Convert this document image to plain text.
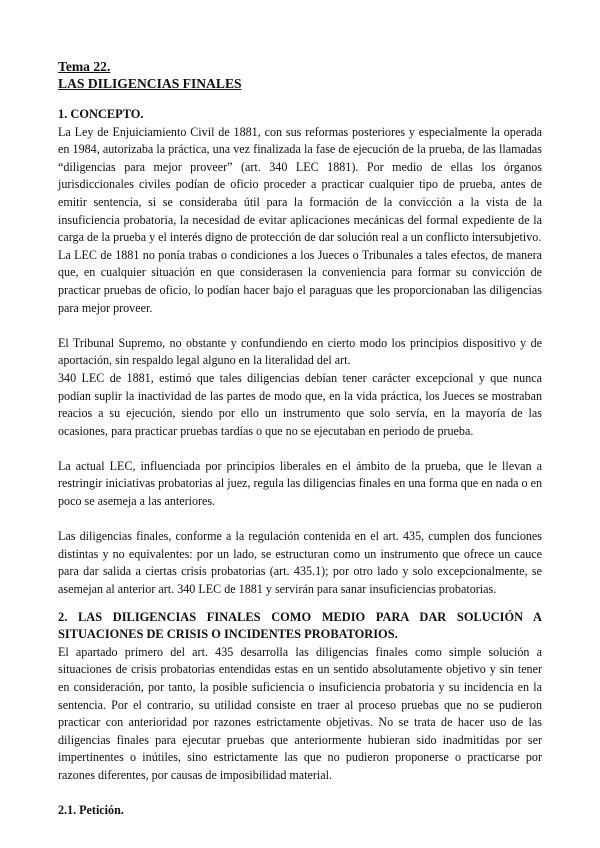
Tema 22.
LAS DILIGENCIAS FINALES
1. CONCEPTO.

La Ley de Enjuiciamiento Civil de 1881, con sus reformas posteriores y especialmente la operada en 1984, autorizaba la práctica, una vez finalizada la fase de ejecución de la prueba, de las llamadas “diligencias para mejor proveer” (art. 340 LEC 1881). Por medio de ellas los órganos jurisdiccionales civiles podían de oficio proceder a practicar cualquier tipo de prueba, antes de emitir sentencia, si se consideraba útil para la formación de la convicción a la vista de la insuficiencia probatoria, la necesidad de evitar aplicaciones mecánicas del formal expediente de la carga de la prueba y el interés digno de protección de dar solución real a un conflicto intersubjetivo.

La LEC de 1881 no ponía trabas o condiciones a los Jueces o Tribunales a tales efectos, de manera que, en cualquier situación en que considerasen la conveniencia para formar su convicción de practicar pruebas de oficio, lo podían hacer bajo el paraguas que les proporcionaban las diligencias para mejor proveer.

El Tribunal Supremo, no obstante y confundiendo en cierto modo los principios dispositivo y de aportación, sin respaldo legal alguno en la literalidad del art.

340 LEC de 1881, estimó que tales diligencias debían tener carácter excepcional y que nunca podían suplir la inactividad de las partes de modo que, en la vida práctica, los Jueces se mostraban reacios a su ejecución, siendo por ello un instrumento que solo servía, en la mayoría de las ocasiones, para practicar pruebas tardías o que no se ejecutaban en periodo de prueba.

La actual LEC, influenciada por principios liberales en el ámbito de la prueba, que le llevan a restringir iniciativas probatorias al juez, regula las diligencias finales en una forma que en nada o en poco se asemeja a las anteriores.

Las diligencias finales, conforme a la regulación contenida en el art. 435, cumplen dos funciones distintas y no equivalentes: por un lado, se estructuran como un instrumento que ofrece un cauce para dar salida a ciertas crisis probatorias (art. 435.1); por otro lado y solo excepcionalmente, se asemejan al anterior art. 340 LEC de 1881 y servirán para sanar insuficiencias probatorias.

2. LAS DILIGENCIAS FINALES COMO MEDIO PARA DAR SOLUCIÓN A SITUACIONES DE CRISIS O INCIDENTES PROBATORIOS.

El apartado primero del art. 435 desarrolla las diligencias finales como simple solución a situaciones de crisis probatorias entendidas estas en un sentido absolutamente objetivo y sin tener en consideración, por tanto, la posible suficiencia o insuficiencia probatoria y su incidencia en la sentencia. Por el contrario, su utilidad consiste en traer al proceso pruebas que no se pudieron practicar con anterioridad por razones estrictamente objetivas. No se trata de hacer uso de las diligencias finales para ejecutar pruebas que anteriormente hubieran sido inadmitidas por ser impertinentes o inútiles, sino estrictamente las que no pudieron proponerse o practicarse por razones diferentes, por causas de imposibilidad material.

2.1. Petición.
